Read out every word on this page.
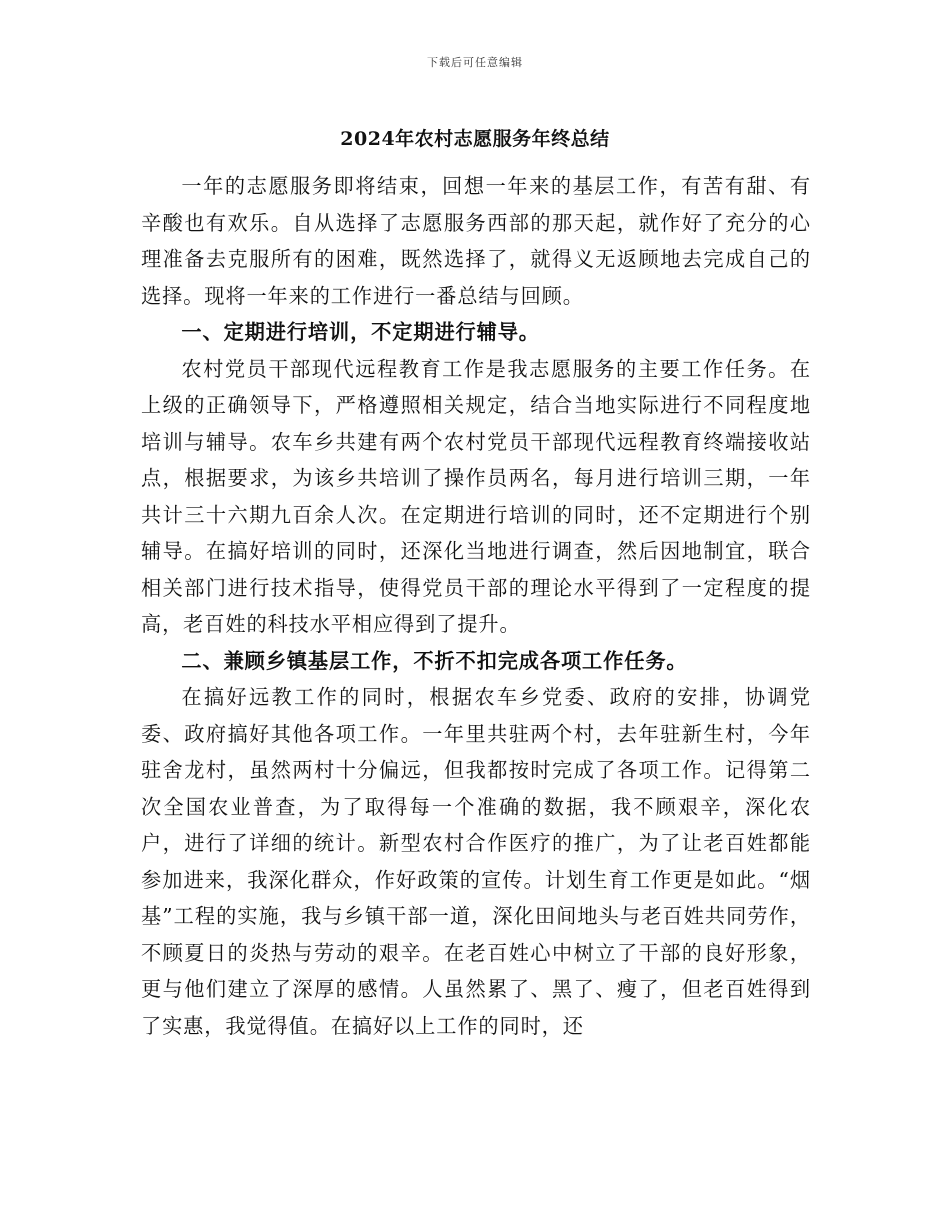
下载后可任意编辑
2024年农村志愿服务年终总结

一年的志愿服务即将结束，回想一年来的基层工作，有苦有甜、有辛酸也有欢乐。自从选择了志愿服务西部的那天起，就作好了充分的心理准备去克服所有的困难，既然选择了，就得义无返顾地去完成自己的选择。现将一年来的工作进行一番总结与回顾。

一、定期进行培训，不定期进行辅导。

农村党员干部现代远程教育工作是我志愿服务的主要工作任务。在上级的正确领导下，严格遵照相关规定，结合当地实际进行不同程度地培训与辅导。农车乡共建有两个农村党员干部现代远程教育终端接收站点，根据要求，为该乡共培训了操作员两名，每月进行培训三期，一年共计三十六期九百余人次。在定期进行培训的同时，还不定期进行个别辅导。在搞好培训的同时，还深化当地进行调查，然后因地制宜，联合相关部门进行技术指导，使得党员干部的理论水平得到了一定程度的提高，老百姓的科技水平相应得到了提升。

二、兼顾乡镇基层工作，不折不扣完成各项工作任务。

在搞好远教工作的同时，根据农车乡党委、政府的安排，协调党委、政府搞好其他各项工作。一年里共驻两个村，去年驻新生村，今年驻舍龙村，虽然两村十分偏远，但我都按时完成了各项工作。记得第二次全国农业普查，为了取得每一个准确的数据，我不顾艰辛，深化农户，进行了详细的统计。新型农村合作医疗的推广，为了让老百姓都能参加进来，我深化群众，作好政策的宣传。计划生育工作更是如此。“烟基”工程的实施，我与乡镇干部一道，深化田间地头与老百姓共同劳作，不顾夏日的炎热与劳动的艰辛。在老百姓心中树立了干部的良好形象，更与他们建立了深厚的感情。人虽然累了、黑了、瘦了，但老百姓得到了实惠，我觉得值。在搞好以上工作的同时，还
